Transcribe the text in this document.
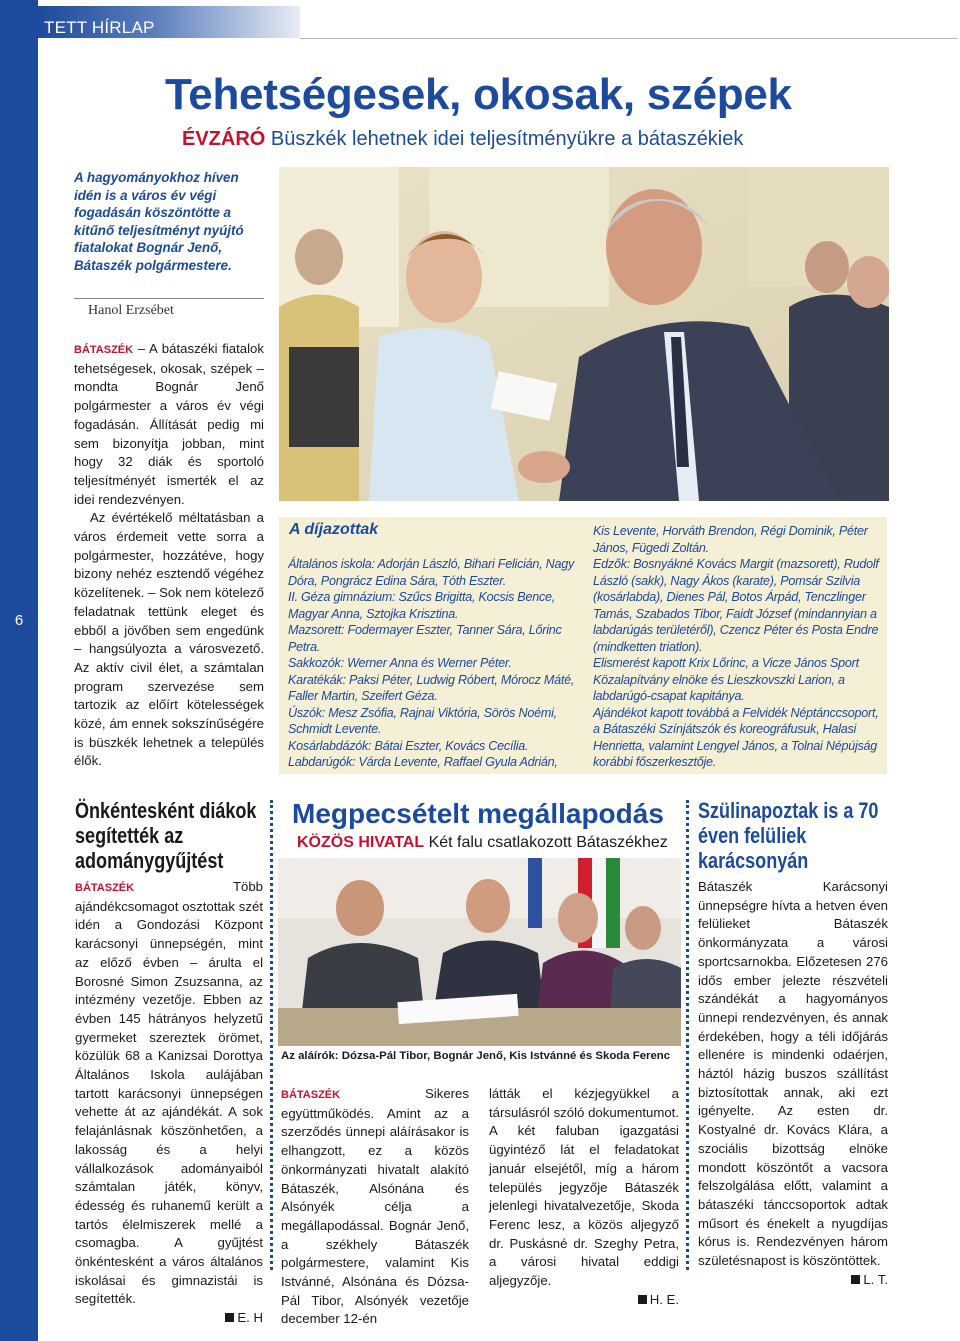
6
TETT HÍRLAP
Tehetségesek, okosak, szépek
ÉVZÁRÓ Büszkék lehetnek idei teljesítményükre a bátaszékiek
A hagyományokhoz híven idén is a város év végi fogadásán köszöntötte a kitűnő teljesítményt nyújtó fiatalokat Bognár Jenő, Bátaszék polgármestere.
Hanol Erzsébet

BÁTASZÉK – A bátaszéki fiatalok tehetségesek, okosak, szépek – mondta Bognár Jenő polgármester a város év végi fogadásán. Állítását pedig mi sem bizonyítja jobban, mint hogy 32 diák és sportoló teljesítményét ismerték el az idei rendezvényen.

Az évértékelő méltatásban a város érdemeit vette sorra a polgármester, hozzátéve, hogy bizony nehéz esztendő végéhez közelítenek. – Sok nem kötelező feladatnak tettünk eleget és ebből a jövőben sem engedünk – hangsúlyozta a városvezető. Az aktív civil élet, a számtalan program szervezése sem tartozik az előírt kötelességek közé, ám ennek sokszínűségére is büszkék lehetnek a település élők.

A díjazottak
Általános iskola: Adorján László, Bihari Felicián, Nagy Dóra, Pongrácz Edina Sára, Tóth Eszter.
II. Géza gimnázium: Szűcs Brigitta, Kocsis Bence, Magyar Anna, Sztojka Krisztina.
Mazsorett: Fodermayer Eszter, Tanner Sára, Lőrinc Petra.
Sakkozók: Werner Anna és Werner Péter.
Karatékák: Paksi Péter, Ludwig Róbert, Mórocz Máté, Faller Martin, Szeifert Géza.
Úszók: Mesz Zsófia, Rajnai Viktória, Sörös Noémi, Schmidt Levente.
Kosárlabdázók: Bátai Eszter, Kovács Cecília.
Labdarúgók: Várda Levente, Raffael Gyula Adrián,
Kis Levente, Horváth Brendon, Régi Dominik, Péter János, Fügedi Zoltán.
Edzők: Bosnyákné Kovács Margit (mazsorett), Rudolf László (sakk), Nagy Ákos (karate), Pomsár Szilvia (kosárlabda), Dienes Pál, Botos Árpád, Tenczlinger Tamás, Szabados Tibor, Faidt József (mindannyian a labdarúgás területéről), Czencz Péter és Posta Endre (mindketten triatlon).
Elismerést kapott Krix Lőrinc, a Vicze János Sport Közalapítvány elnöke és Lieszkovszki Larion, a labdarúgó-csapat kapitánya.
Ajándékot kapott továbbá a Felvidék Néptánccsoport, a Bátaszéki Színjátszók és koreográfusuk, Halasi Henrietta, valamint Lengyel János, a Tolnai Népújság korábbi főszerkesztője.
Önkéntesként diákok segítették az adománygyűjtést

BÁTASZÉK	Több ajándékcsomagot osztottak szét idén a Gondozási Központ karácsonyi ünnepségén, mint az előző évben – árulta el Borosné Simon Zsuzsanna, az intézmény vezetője. Ebben az évben 145 hátrányos helyzetű gyermeket szereztek örömet, közülük 68 a Kanizsai Dorottya Általános Iskola aulájában tartott karácsonyi ünnepségen vehette át az ajándékát. A sok felajánlásnak köszönhetően, a lakosság és a helyi vállalkozások adományaiból számtalan játék, könyv, édesség és ruhanemű került a tartós élelmiszerek mellé a csomagba. A gyűjtést önkéntesként a város általános iskolásai és gimnazistái is segítették.

E. H
Megpecsételt megállapodás
KÖZÖS HIVATAL Két falu csatlakozott Bátaszékhez
Az aláírók: Dózsa-Pál Tibor, Bognár Jenő, Kis Istvánné és Skoda Ferenc

BÁTASZÉK	Sikeres együttműködés. Amint az a szerződés ünnepi aláírásakor is elhangzott, ez a közös önkormányzati hivatalt alakító Bátaszék, Alsónána és Alsónyék célja a megállapodással. Bognár Jenő, a székhely Bátaszék polgármestere, valamint Kis Istvánné, Alsónána és Dózsa-Pál Tibor, Alsónyék vezetője december 12-én

látták el kézjegyükkel a társulásról szóló dokumentumot. A két faluban igazgatási ügyintéző lát el feladatokat január elsejétől, míg a három település jegyzője Bátaszék jelenlegi hivatalvezetője, Skoda Ferenc lesz, a közös aljegyző dr. Puskásné dr. Szeghy Petra, a városi hivatal eddigi aljegyzője.

H. E.
Szülinapoztak is a 70 éven felüliek karácsonyán

Bátaszék Karácsonyi ünnepségre hívta a hetven éven felülieket Bátaszék önkormányzata a városi sportcsarnokba. Előzetesen 276 idős ember jelezte részvételi szándékát a hagyományos ünnepi rendezvényen, és annak érdekében, hogy a téli időjárás ellenére is mindenki odaérjen, háztól házig buszos szállítást biztosítottak annak, aki ezt igényelte. Az esten dr. Kostyalné dr. Kovács Klára, a szociális bizottság elnöke mondott köszöntőt a vacsora felszolgálása előtt, valamint a bátaszéki tánccsoportok adtak műsort és énekelt a nyugdíjas kórus is. Rendezvényen három születésnapost is köszöntöttek.

L. T.
